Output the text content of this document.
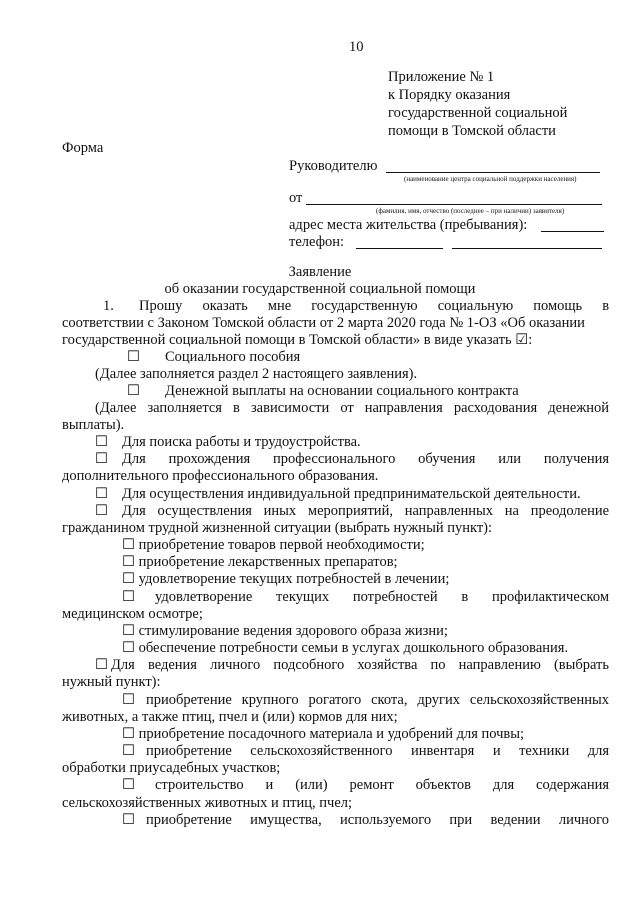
10
Приложение № 1
к Порядку оказания
государственной социальной
помощи в Томской области
Форма
Руководителю
(наименование центра социальной поддержки населения)
от
(фамилия, имя, отчество (последнее – при наличии) заявителя)
адрес места жительства (пребывания):
телефон:
Заявление
об оказании государственной социальной помощи
1. Прошу оказать мне государственную социальную помощь в
соответствии с Законом Томской области от 2 марта 2020 года № 1-ОЗ «Об оказании
государственной социальной помощи в Томской области» в виде указать ☑:
☐ Социального пособия
(Далее заполняется раздел 2 настоящего заявления).
☐ Денежной выплаты на основании социального контракта
(Далее заполняется в зависимости от направления расходования денежной
выплаты).
☐ Для поиска работы и трудоустройства.
☐ Для прохождения профессионального обучения или получения
дополнительного профессионального образования.
☐ Для осуществления индивидуальной предпринимательской деятельности.
☐ Для осуществления иных мероприятий, направленных на преодоление
гражданином трудной жизненной ситуации (выбрать нужный пункт):
☐ приобретение товаров первой необходимости;
☐ приобретение лекарственных препаратов;
☐ удовлетворение текущих потребностей в лечении;
☐ удовлетворение текущих потребностей в профилактическом
медицинском осмотре;
☐ стимулирование ведения здорового образа жизни;
☐ обеспечение потребности семьи в услугах дошкольного образования.
☐ Для ведения личного подсобного хозяйства по направлению (выбрать
нужный пункт):
☐ приобретение крупного рогатого скота, других сельскохозяйственных
животных, а также птиц, пчел и (или) кормов для них;
☐ приобретение посадочного материала и удобрений для почвы;
☐ приобретение сельскохозяйственного инвентаря и техники для
обработки приусадебных участков;
☐ строительство и (или) ремонт объектов для содержания
сельскохозяйственных животных и птиц, пчел;
☐ приобретение имущества, используемого при ведении личного
